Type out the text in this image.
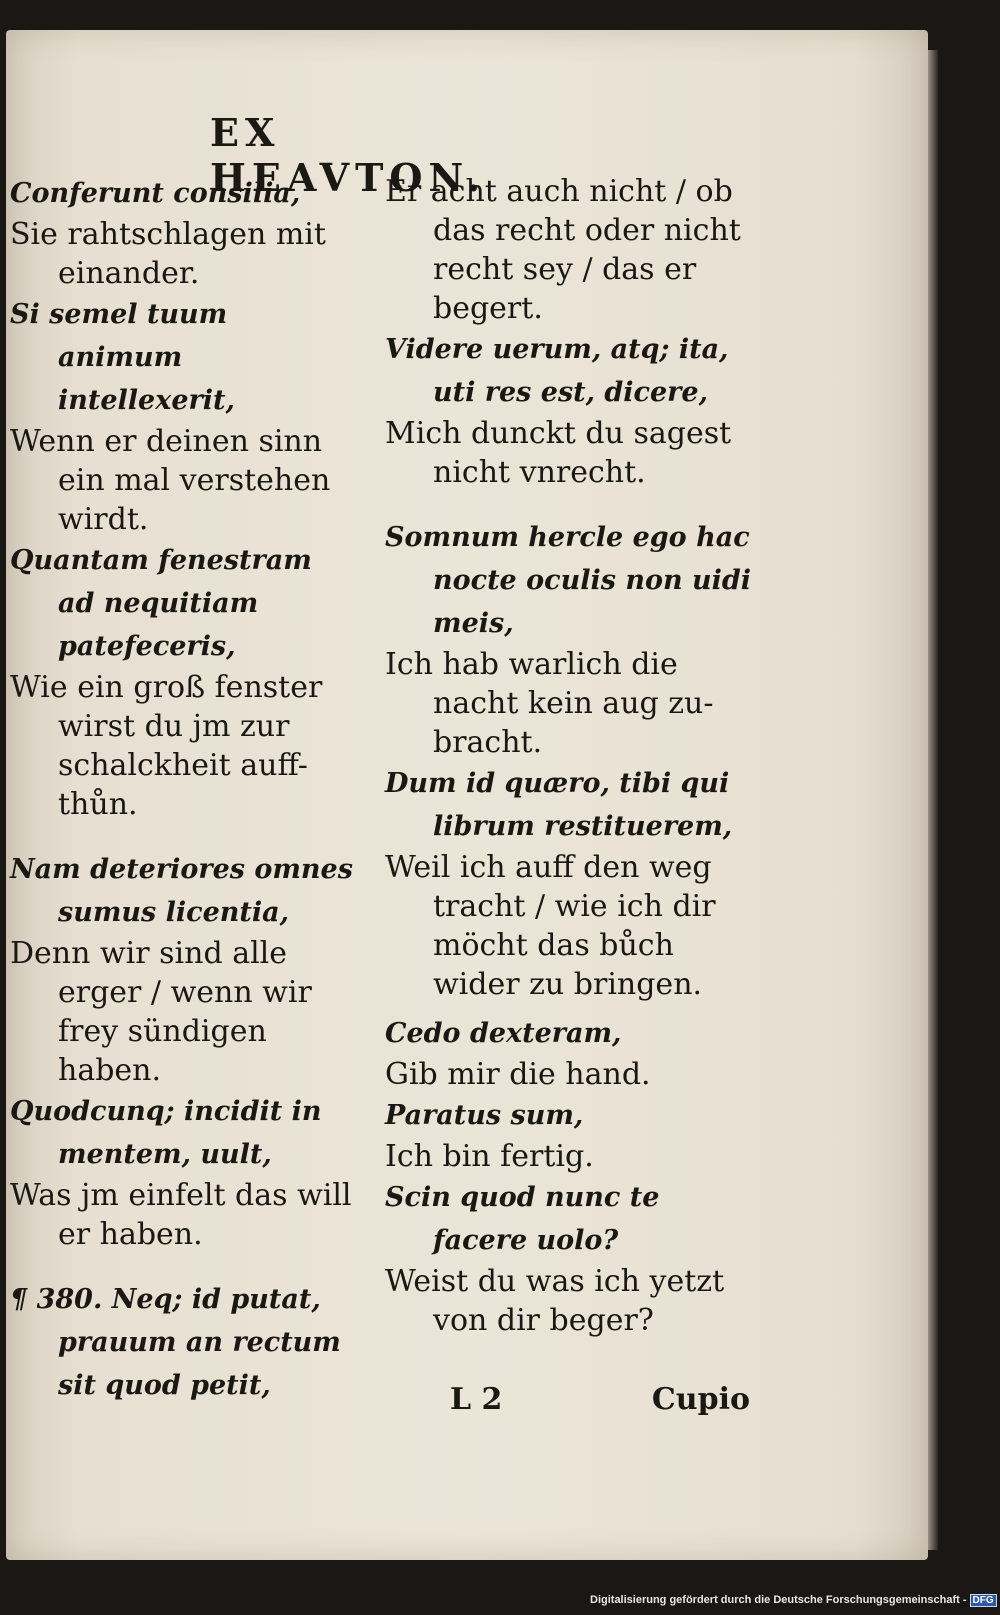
EX HEAVTON.

Conferunt consilia,

Sie rahtschlagen mit einander.

Si semel tuum animum intellexerit,

Wenn er deinen sinn ein mal verstehen wirdt.

Quantam fenestram ad nequitiam patefeceris,

Wie ein groß fenster wirst du jm zur schalckheit auff-thůn.

Nam deteriores omnes sumus licentia,

Denn wir sind alle erger / wenn wir frey sündigen haben.

Quodcunq; incidit in mentem, uult,

Was jm einfelt das will er haben.

¶ 380. Neq; id putat, prauum an rectum sit quod petit,

Er acht auch nicht / ob das recht oder nicht recht sey / das er begert.

Videre uerum, atq; ita, uti res est, dicere,

Mich dunckt du sagest nicht vnrecht.

Somnum hercle ego hac nocte oculis non uidi meis,

Ich hab warlich die nacht kein aug zu-bracht.

Dum id quæro, tibi qui librum restituerem,

Weil ich auff den weg tracht / wie ich dir möcht das bůch wider zu bringen.

Cedo dexteram,

Gib mir die hand.

Paratus sum,

Ich bin fertig.

Scin quod nunc te facere uolo?

Weist du was ich yetzt von dir beger?

L 2	Cupio
Digitalisierung gefördert durch die Deutsche Forschungsgemeinschaft - DFG
